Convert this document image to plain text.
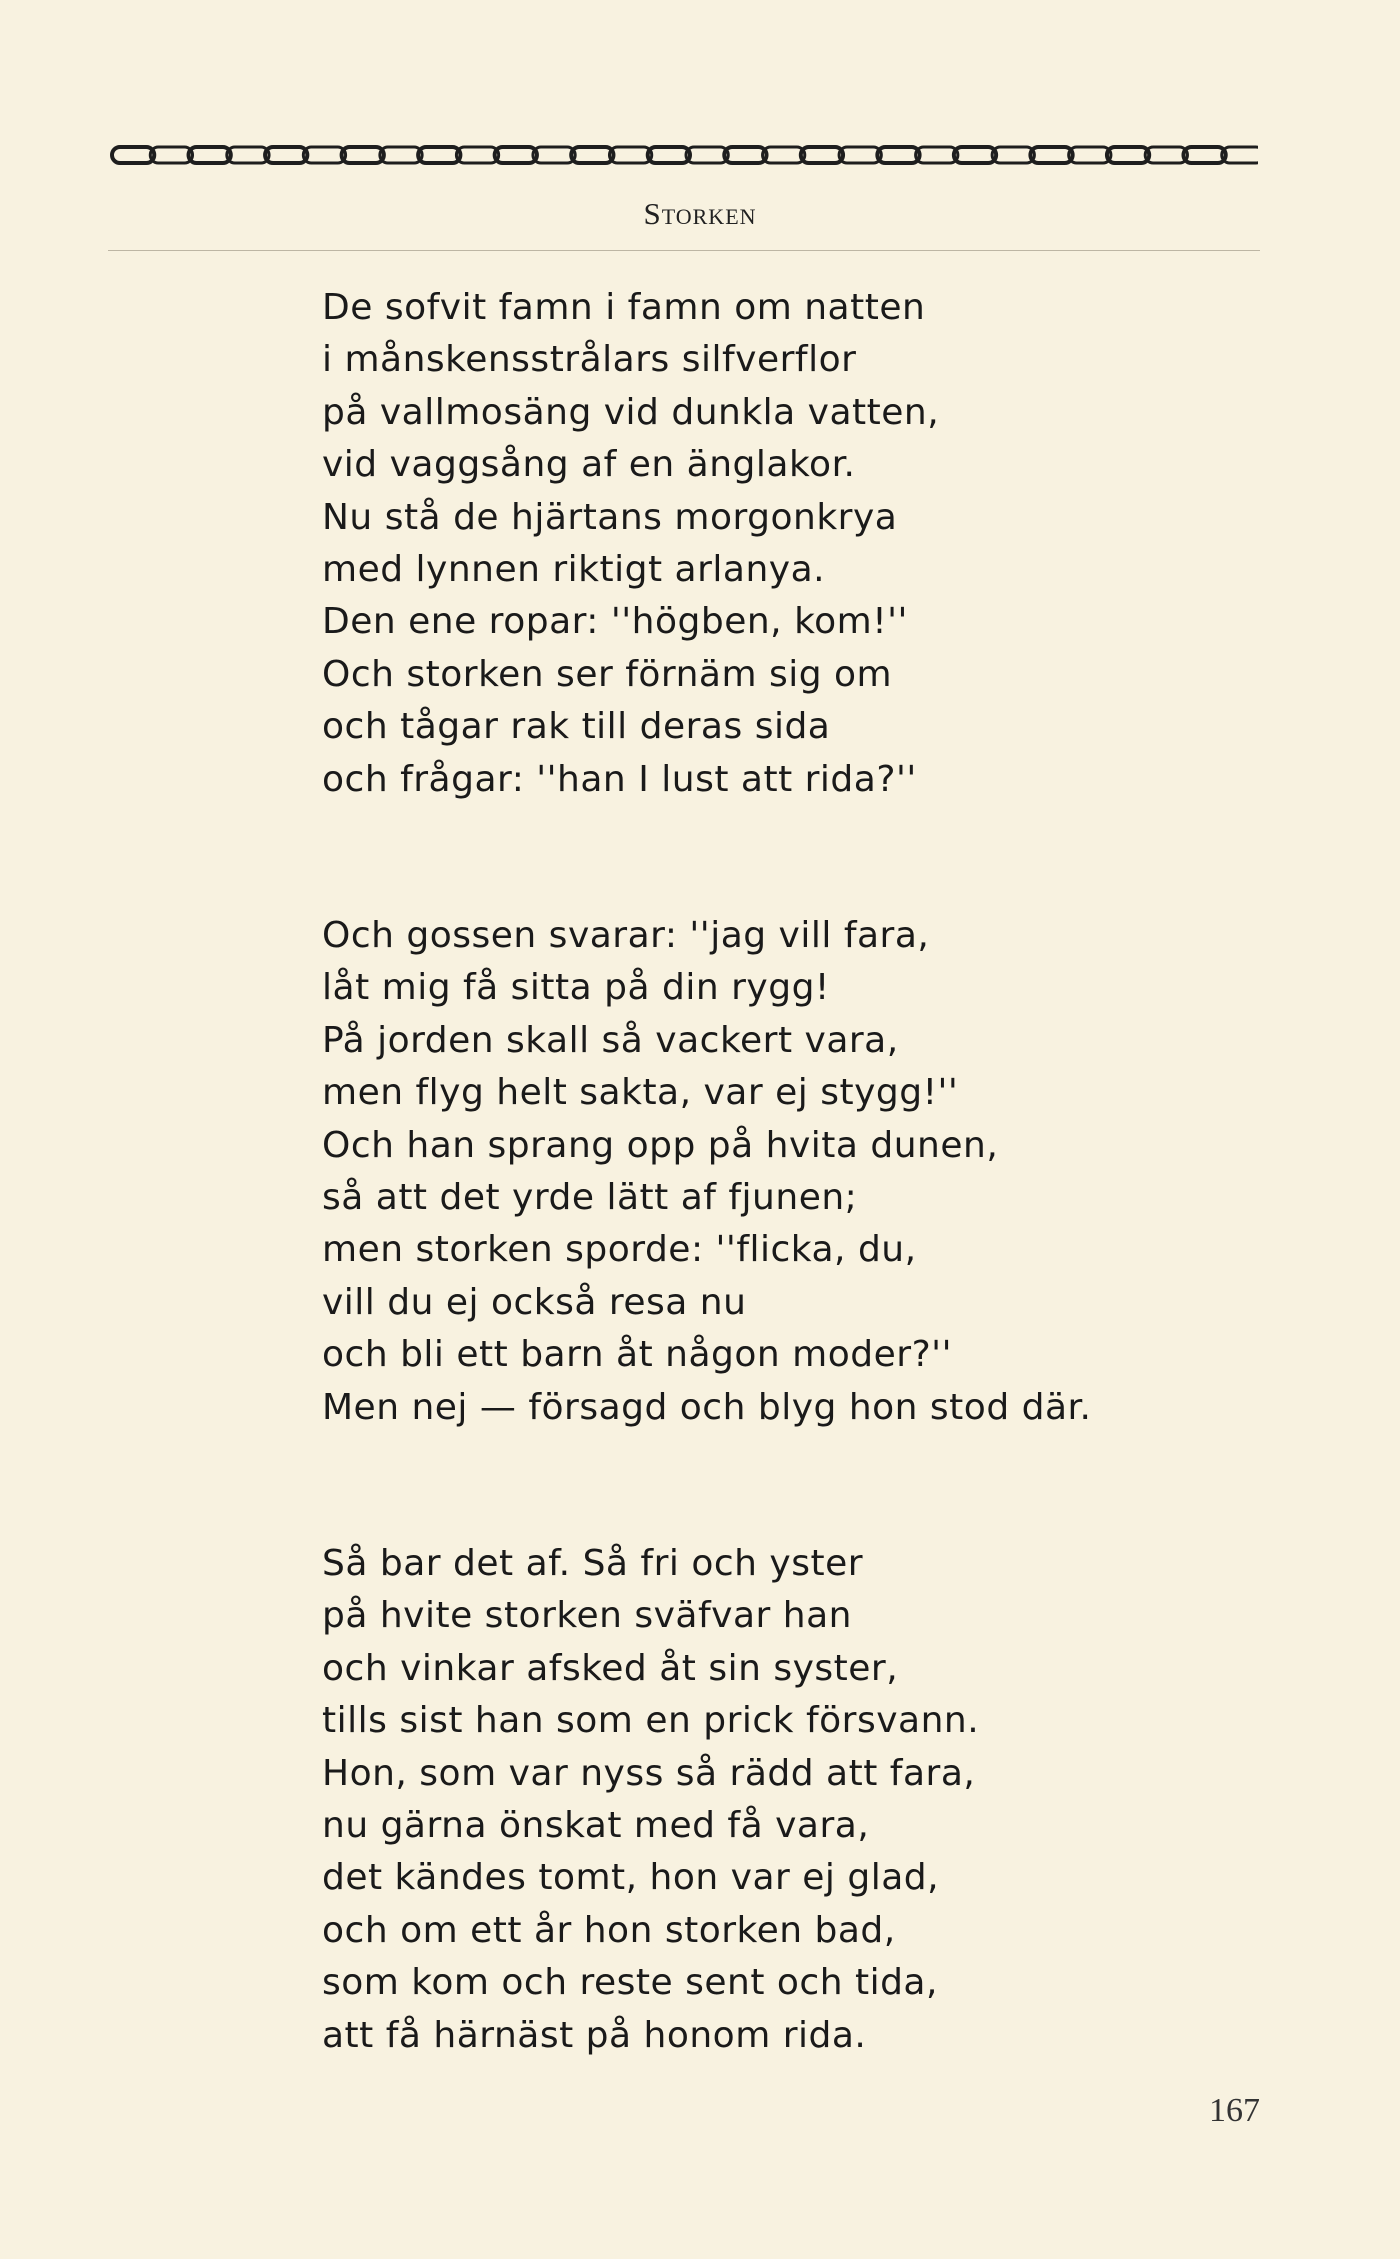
Storken
De sofvit famn i famn om natten
i månskensstrålars silfverflor
på vallmosäng vid dunkla vatten,
vid vaggsång af en änglakor.
Nu stå de hjärtans morgonkrya
med lynnen riktigt arlanya.
Den ene ropar: ''högben, kom!''
Och storken ser förnäm sig om
och tågar rak till deras sida
och frågar: ''han I lust att rida?''
Och gossen svarar: ''jag vill fara,
låt mig få sitta på din rygg!
På jorden skall så vackert vara,
men flyg helt sakta, var ej stygg!''
Och han sprang opp på hvita dunen,
så att det yrde lätt af fjunen;
men storken sporde: ''flicka, du,
vill du ej också resa nu
och bli ett barn åt någon moder?''
Men nej — försagd och blyg hon stod där.
Så bar det af. Så fri och yster
på hvite storken sväfvar han
och vinkar afsked åt sin syster,
tills sist han som en prick försvann.
Hon, som var nyss så rädd att fara,
nu gärna önskat med få vara,
det kändes tomt, hon var ej glad,
och om ett år hon storken bad,
som kom och reste sent och tida,
att få härnäst på honom rida.
167
